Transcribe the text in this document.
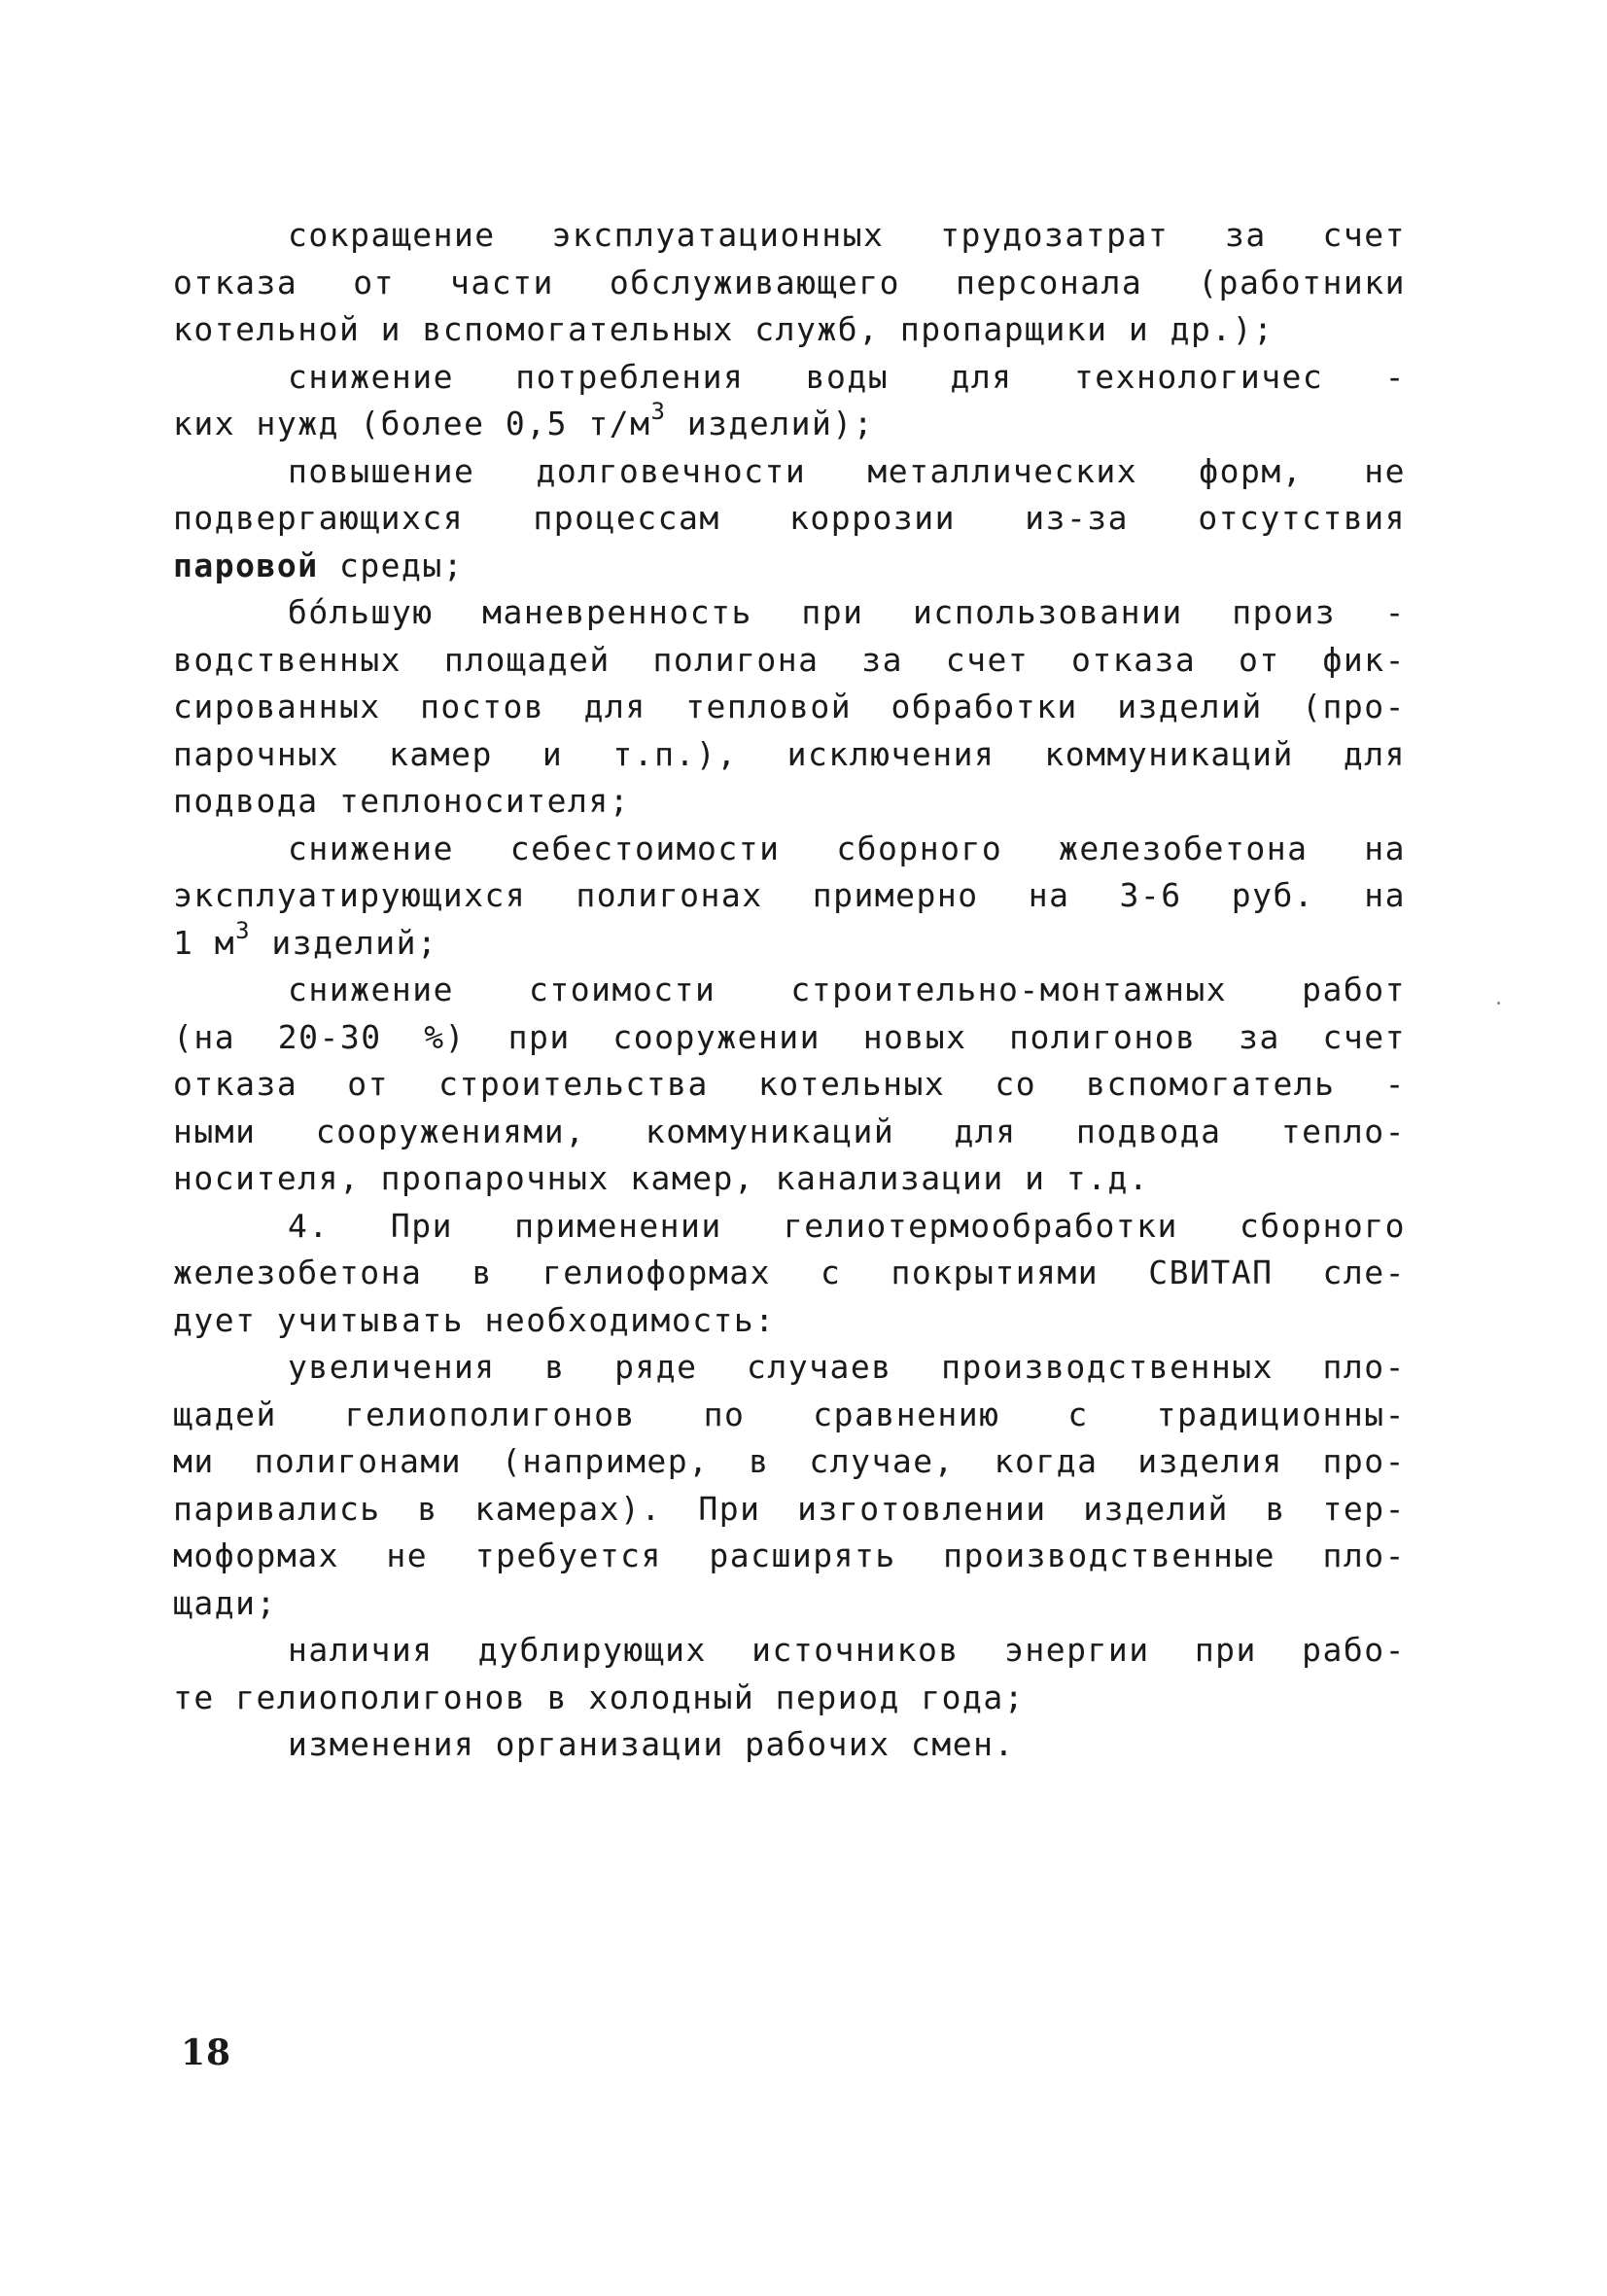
сокращение эксплуатационных трудозатрат за счет
отказа от части обслуживающего персонала (работники
котельной и вспомогательных служб, пропарщики и др.);
снижение потребления воды для технологичес -
ких нужд (более 0,5 $т/м^3$ изделий);
повышение долговечности металлических форм, не
подвергающихся процессам коррозии из-за отсутствия
паровой среды;
бóльшую маневренность при использовании произ -
водственных площадей полигона за счет отказа от фик-
сированных постов для тепловой обработки изделий (про-
парочных камер и т.п.), исключения коммуникаций для
подвода теплоносителя;
снижение себестоимости сборного железобетона на
эксплуатирующихся полигонах примерно на 3-6 руб. на
1 $м^3$ изделий;
снижение стоимости строительно-монтажных работ
(на 20-30 %) при сооружении новых полигонов за счет
отказа от строительства котельных со вспомогатель -
ными сооружениями, коммуникаций для подвода тепло-
носителя, пропарочных камер, канализации и т.д.
4. При применении гелиотермообработки сборного
железобетона в гелиоформах с покрытиями СВИТАП сле-
дует учитывать необходимость:
увеличения в ряде случаев производственных пло-
щадей гелиополигонов по сравнению с традиционны-
ми полигонами (например, в случае, когда изделия про-
паривались в камерах). При изготовлении изделий в тер-
моформах не требуется расширять производственные пло-
щади;
наличия дублирующих источников энергии при рабо-
те гелиополигонов в холодный период года;
изменения организации рабочих смен.
18
